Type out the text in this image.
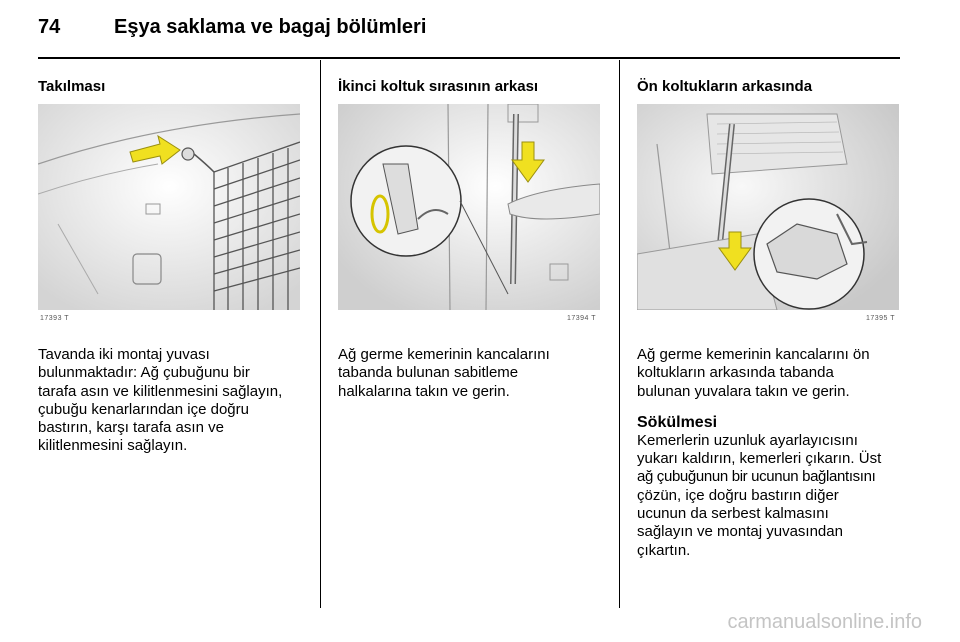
74	Eşya saklama ve bagaj bölümleri
Takılması
17393 T
Tavanda iki montaj yuvası
bulunmaktadır: Ağ çubuğunu bir
tarafa asın ve kilitlenmesini sağlayın,
çubuğu kenarlarından içe doğru
bastırın, karşı tarafa asın ve
kilitlenmesini sağlayın.
İkinci koltuk sırasının arkası
17394 T
Ağ germe kemerinin kancalarını
tabanda bulunan sabitleme
halkalarına takın ve gerin.
Ön koltukların arkasında
17395 T
Ağ germe kemerinin kancalarını ön
koltukların arkasında tabanda
bulunan yuvalara takın ve gerin.
Sökülmesi
Kemerlerin uzunluk ayarlayıcısını
yukarı kaldırın, kemerleri çıkarın. Üst
ağ çubuğunun bir ucunun bağlantısını
çözün, içe doğru bastırın diğer
ucunun da serbest kalmasını
sağlayın ve montaj yuvasından
çıkartın.
carmanualsonline.info
